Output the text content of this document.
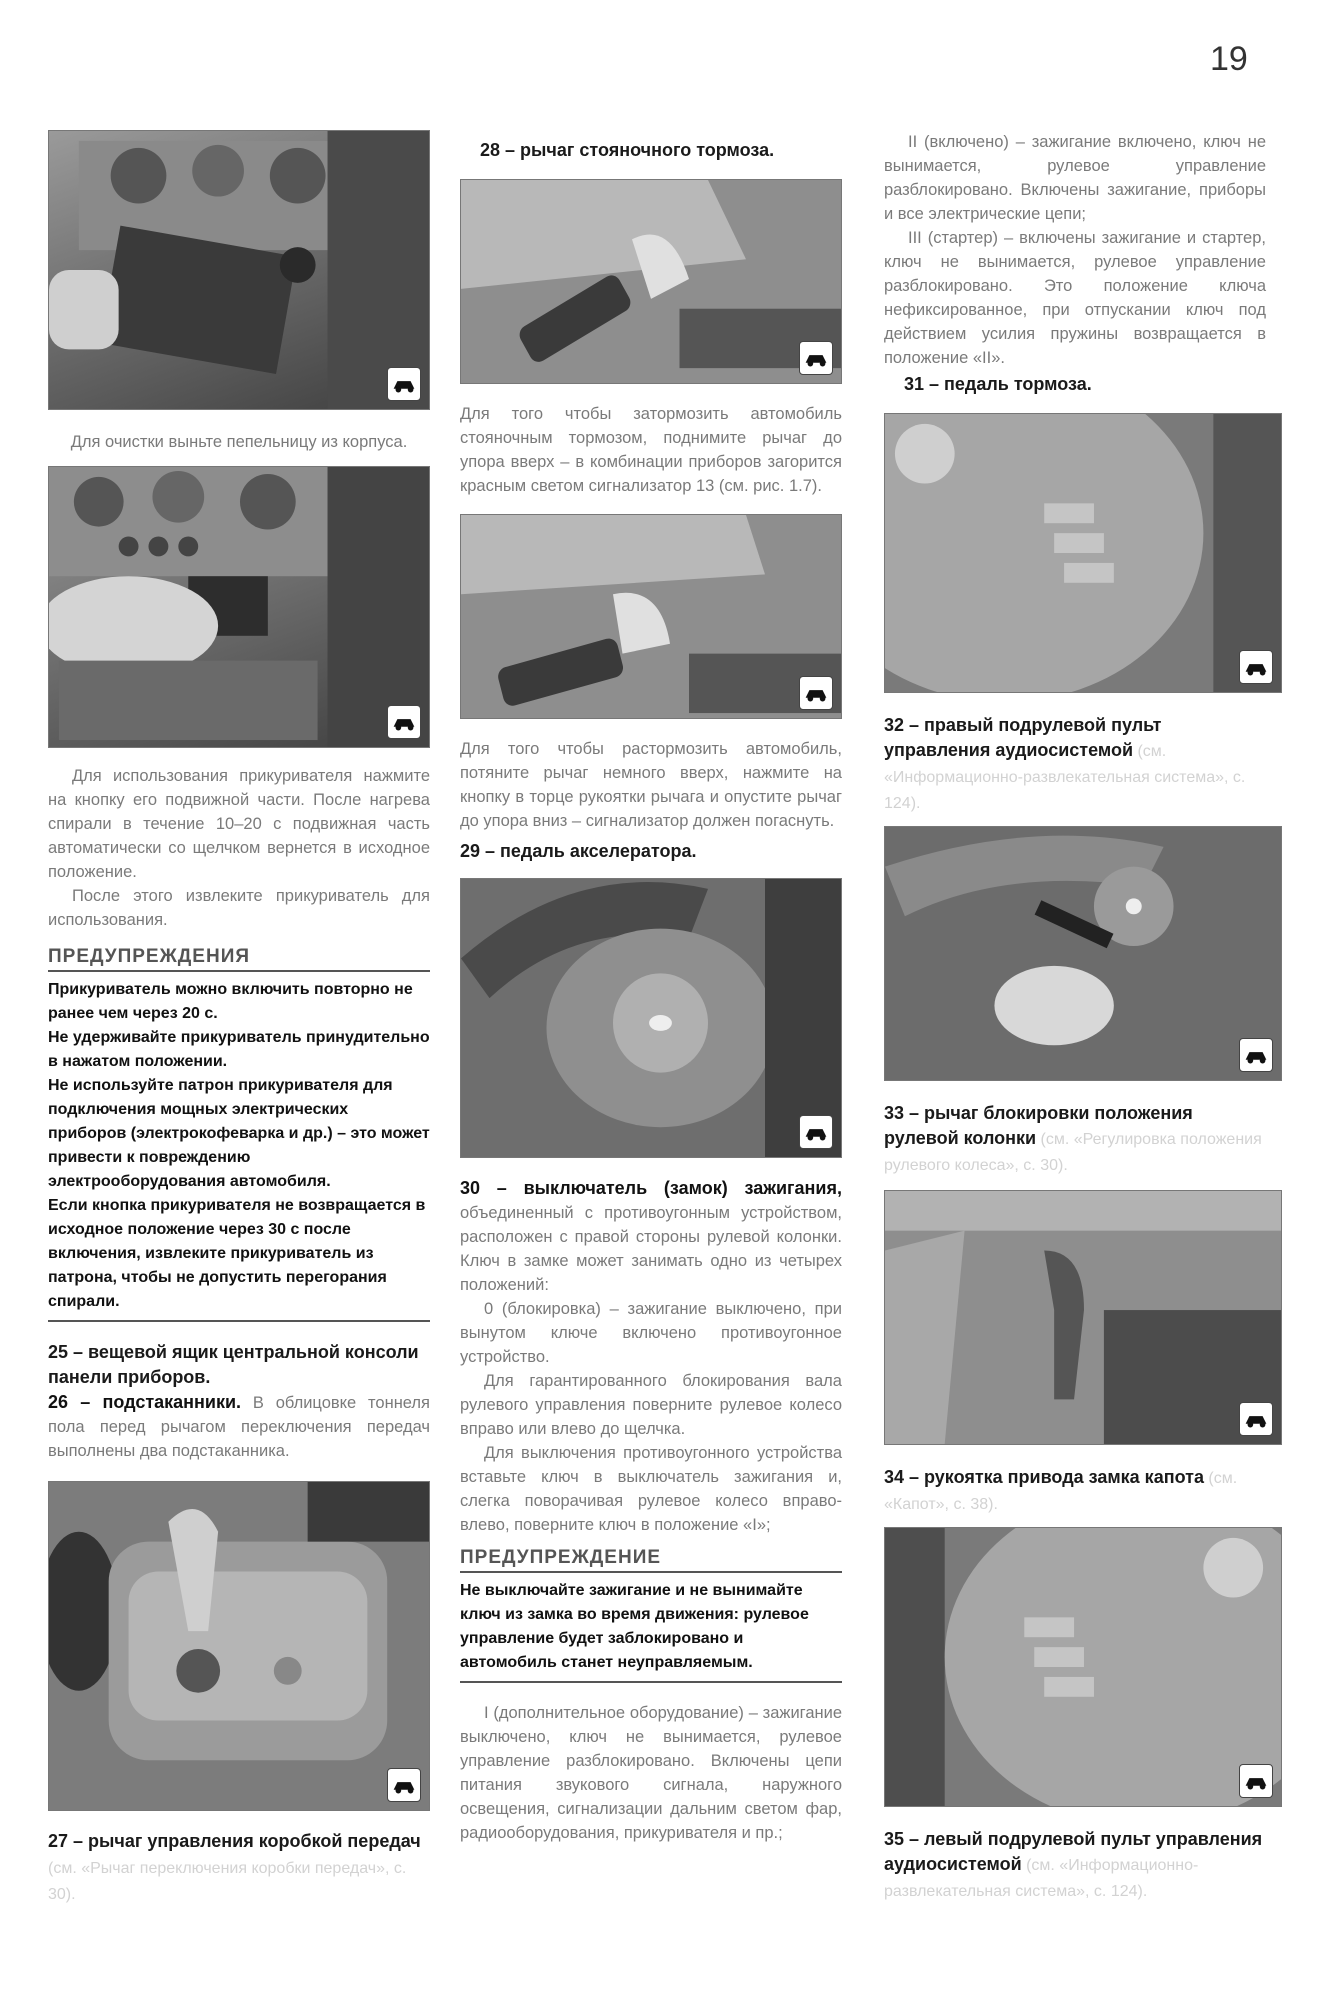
19

Для очистки выньте пепельницу из корпуса.

Для использования прикуривателя нажмите на кнопку его подвижной части. После нагрева спирали в течение 10–20 с подвижная часть автоматически со щелчком вернется в исходное положение.

После этого извлеките прикуриватель для использования.

ПРЕДУПРЕЖДЕНИЯ

Прикуриватель можно включить повторно не ранее чем через 20 с.

Не удерживайте прикуриватель принудительно в нажатом положении.

Не используйте патрон прикуривателя для подключения мощных электрических приборов (электрокофеварка и др.) – это может привести к повреждению электрооборудования автомобиля.

Если кнопка прикуривателя не возвращается в исходное положение через 30 с после включения, извлеките прикуриватель из патрона, чтобы не допустить перегорания спирали.

25 – вещевой ящик центральной консоли панели приборов.

26 – подстаканники. В облицовке тоннеля пола перед рычагом переключения передач выполнены два подстаканника.

27 – рычаг управления коробкой передач (см. «Рычаг переключения коробки передач», с. 30).

28 – рычаг стояночного тормоза.

Для того чтобы затормозить автомобиль стояночным тормозом, поднимите рычаг до упора вверх – в комбинации приборов загорится красным светом сигнализатор 13 (см. рис. 1.7).

Для того чтобы растормозить автомобиль, потяните рычаг немного вверх, нажмите на кнопку в торце рукоятки рычага и опустите рычаг до упора вниз – сигнализатор должен погаснуть.

29 – педаль акселератора.

30 – выключатель (замок) зажигания, объединенный с противоугонным устройством, расположен с правой стороны рулевой колонки. Ключ в замке может занимать одно из четырех положений:

0 (блокировка) – зажигание выключено, при вынутом ключе включено противоугонное устройство.

Для гарантированного блокирования вала рулевого управления поверните рулевое колесо вправо или влево до щелчка.

Для выключения противоугонного устройства вставьте ключ в выключатель зажигания и, слегка поворачивая рулевое колесо вправо-влево, поверните ключ в положение «I»;

ПРЕДУПРЕЖДЕНИЕ

Не выключайте зажигание и не вынимайте ключ из замка во время движения: рулевое управление будет заблокировано и автомобиль станет неуправляемым.

I (дополнительное оборудование) – зажигание выключено, ключ не вынимается, рулевое управление разблокировано. Включены цепи питания звукового сигнала, наружного освещения, сигнализации дальним светом фар, радиооборудования, прикуривателя и пр.;

II (включено) – зажигание включено, ключ не вынимается, рулевое управление разблокировано. Включены зажигание, приборы и все электрические цепи;

III (стартер) – включены зажигание и стартер, ключ не вынимается, рулевое управление разблокировано. Это положение ключа нефиксированное, при отпускании ключ под действием усилия пружины возвращается в положение «II».

31 – педаль тормоза.

32 – правый подрулевой пульт управления аудиосистемой (см. «Информационно-развлекательная система», с. 124).

33 – рычаг блокировки положения рулевой колонки (см. «Регулировка положения рулевого колеса», с. 30).

34 – рукоятка привода замка капота (см. «Капот», с. 38).

35 – левый подрулевой пульт управления аудиосистемой (см. «Информационно-развлекательная система», с. 124).
